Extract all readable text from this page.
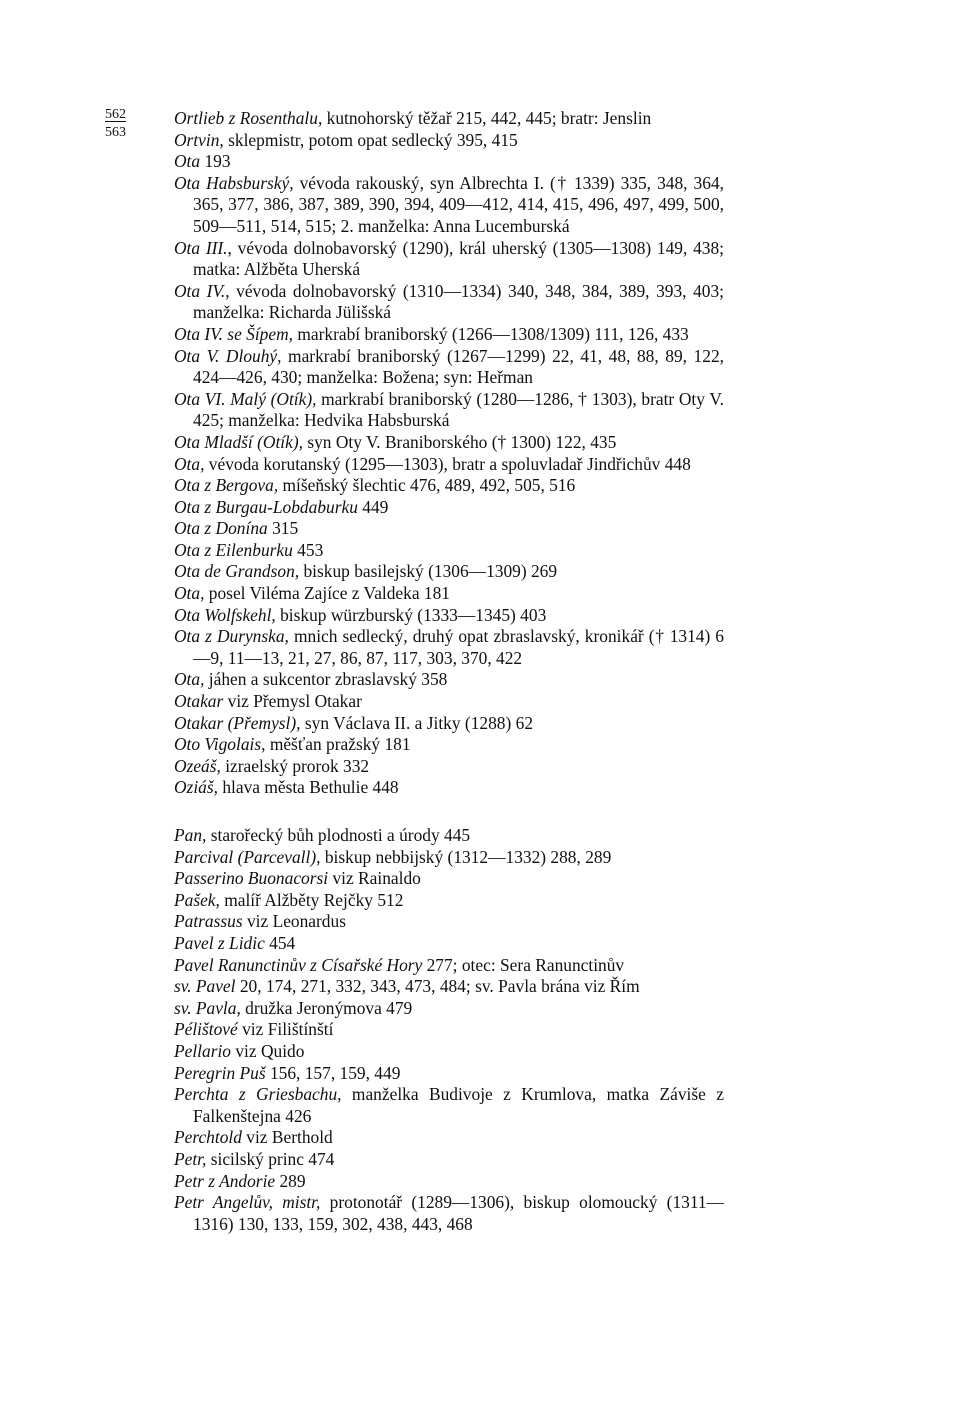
562
563

Ortlieb z Rosenthalu, kutnohorský těžař 215, 442, 445; bratr: Jenslin

Ortvin, sklepmistr, potom opat sedlecký 395, 415

Ota 193

Ota Habsburský, vévoda rakouský, syn Albrechta I. († 1339) 335, 348, 364, 365, 377, 386, 387, 389, 390, 394, 409—412, 414, 415, 496, 497, 499, 500, 509—511, 514, 515; 2. manželka: Anna Lucemburská

Ota III., vévoda dolnobavorský (1290), král uherský (1305—1308) 149, 438; matka: Alžběta Uherská

Ota IV., vévoda dolnobavorský (1310—1334) 340, 348, 384, 389, 393, 403; manželka: Richarda Jülišská

Ota IV. se Šípem, markrabí braniborský (1266—1308/1309) 111, 126, 433

Ota V. Dlouhý, markrabí braniborský (1267—1299) 22, 41, 48, 88, 89, 122, 424—426, 430; manželka: Božena; syn: Heřman

Ota VI. Malý (Otík), markrabí braniborský (1280—1286, † 1303), bratr Oty V. 425; manželka: Hedvika Habsburská

Ota Mladší (Otík), syn Oty V. Braniborského († 1300) 122, 435

Ota, vévoda korutanský (1295—1303), bratr a spoluvladař Jindřichův 448

Ota z Bergova, míšeňský šlechtic 476, 489, 492, 505, 516

Ota z Burgau-Lobdaburku 449

Ota z Donína 315

Ota z Eilenburku 453

Ota de Grandson, biskup basilejský (1306—1309) 269

Ota, posel Viléma Zajíce z Valdeka 181

Ota Wolfskehl, biskup würzburský (1333—1345) 403

Ota z Durynska, mnich sedlecký, druhý opat zbraslavský, kronikář († 1314) 6—9, 11—13, 21, 27, 86, 87, 117, 303, 370, 422

Ota, jáhen a sukcentor zbraslavský 358

Otakar viz Přemysl Otakar

Otakar (Přemysl), syn Václava II. a Jitky (1288) 62

Oto Vigolais, měšťan pražský 181

Ozeáš, izraelský prorok 332

Oziáš, hlava města Bethulie 448

Pan, starořecký bůh plodnosti a úrody 445

Parcival (Parcevall), biskup nebbijský (1312—1332) 288, 289

Passerino Buonacorsi viz Rainaldo

Pašek, malíř Alžběty Rejčky 512

Patrassus viz Leonardus

Pavel z Lidic 454

Pavel Ranunctinův z Císařské Hory 277; otec: Sera Ranunctinův

sv. Pavel 20, 174, 271, 332, 343, 473, 484; sv. Pavla brána viz Řím

sv. Pavla, družka Jeronýmova 479

Pélištové viz Filištínští

Pellario viz Quido

Peregrin Puš 156, 157, 159, 449

Perchta z Griesbachu, manželka Budivoje z Krumlova, matka Záviše z Falkenštejna 426

Perchtold viz Berthold

Petr, sicilský princ 474

Petr z Andorie 289

Petr Angelův, mistr, protonotář (1289—1306), biskup olomoucký (1311—1316) 130, 133, 159, 302, 438, 443, 468
